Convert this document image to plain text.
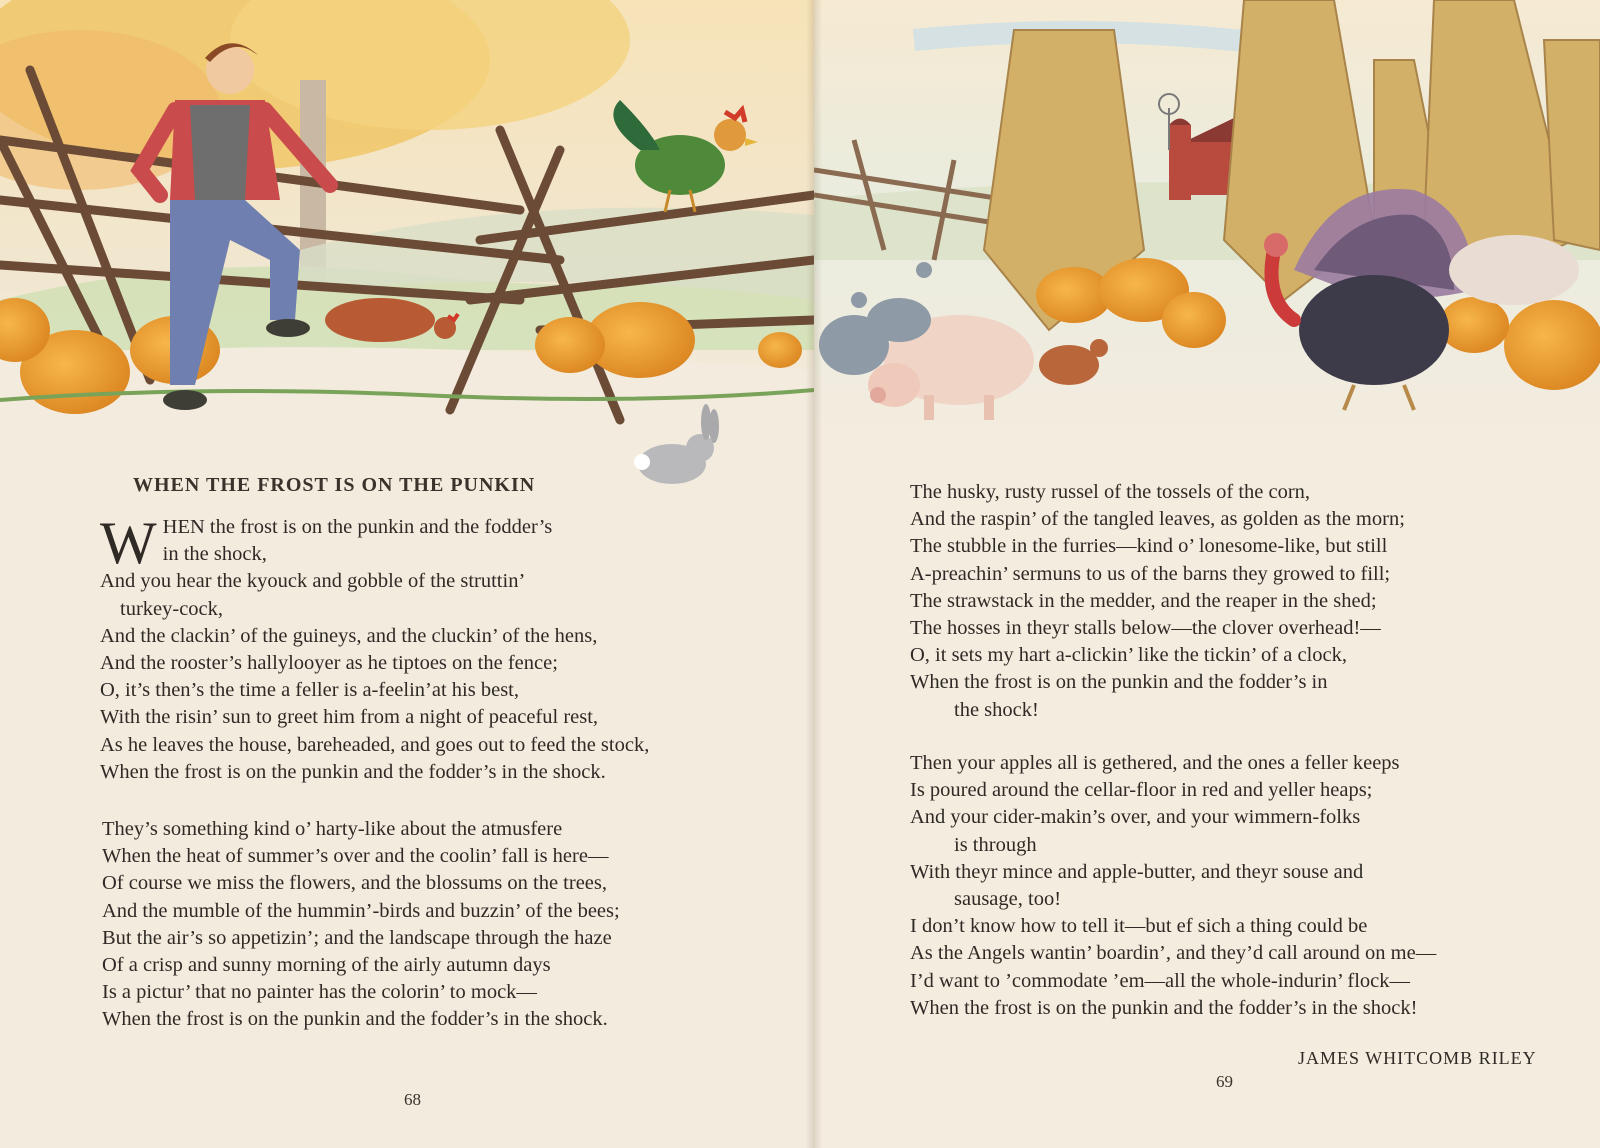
WHEN THE FROST IS ON THE PUNKIN
W HEN the frost is on the punkin and the fodder’s
in the shock,
And you hear the kyouck and gobble of the struttin’
turkey-cock,
And the clackin’ of the guineys, and the cluckin’ of the hens,
And the rooster’s hallylooyer as he tiptoes on the fence;
O, it’s then’s the time a feller is a-feelin’at his best,
With the risin’ sun to greet him from a night of peaceful rest,
As he leaves the house, bareheaded, and goes out to feed the stock,
When the frost is on the punkin and the fodder’s in the shock.
They’s something kind o’ harty-like about the atmusfere
When the heat of summer’s over and the coolin’ fall is here—
Of course we miss the flowers, and the blossums on the trees,
And the mumble of the hummin’-birds and buzzin’ of the bees;
But the air’s so appetizin’; and the landscape through the haze
Of a crisp and sunny morning of the airly autumn days
Is a pictur’ that no painter has the colorin’ to mock—
When the frost is on the punkin and the fodder’s in the shock.
68
The husky, rusty russel of the tossels of the corn,
And the raspin’ of the tangled leaves, as golden as the morn;
The stubble in the furries—kind o’ lonesome-like, but still
A-preachin’ sermuns to us of the barns they growed to fill;
The strawstack in the medder, and the reaper in the shed;
The hosses in theyr stalls below—the clover overhead!—
O, it sets my hart a-clickin’ like the tickin’ of a clock,
When the frost is on the punkin and the fodder’s in
the shock!
Then your apples all is gethered, and the ones a feller keeps
Is poured around the cellar-floor in red and yeller heaps;
And your cider-makin’s over, and your wimmern-folks
is through
With theyr mince and apple-butter, and theyr souse and
sausage, too!
I don’t know how to tell it—but ef sich a thing could be
As the Angels wantin’ boardin’, and they’d call around on me—
I’d want to ’commodate ’em—all the whole-indurin’ flock—
When the frost is on the punkin and the fodder’s in the shock!
69
JAMES WHITCOMB RILEY
